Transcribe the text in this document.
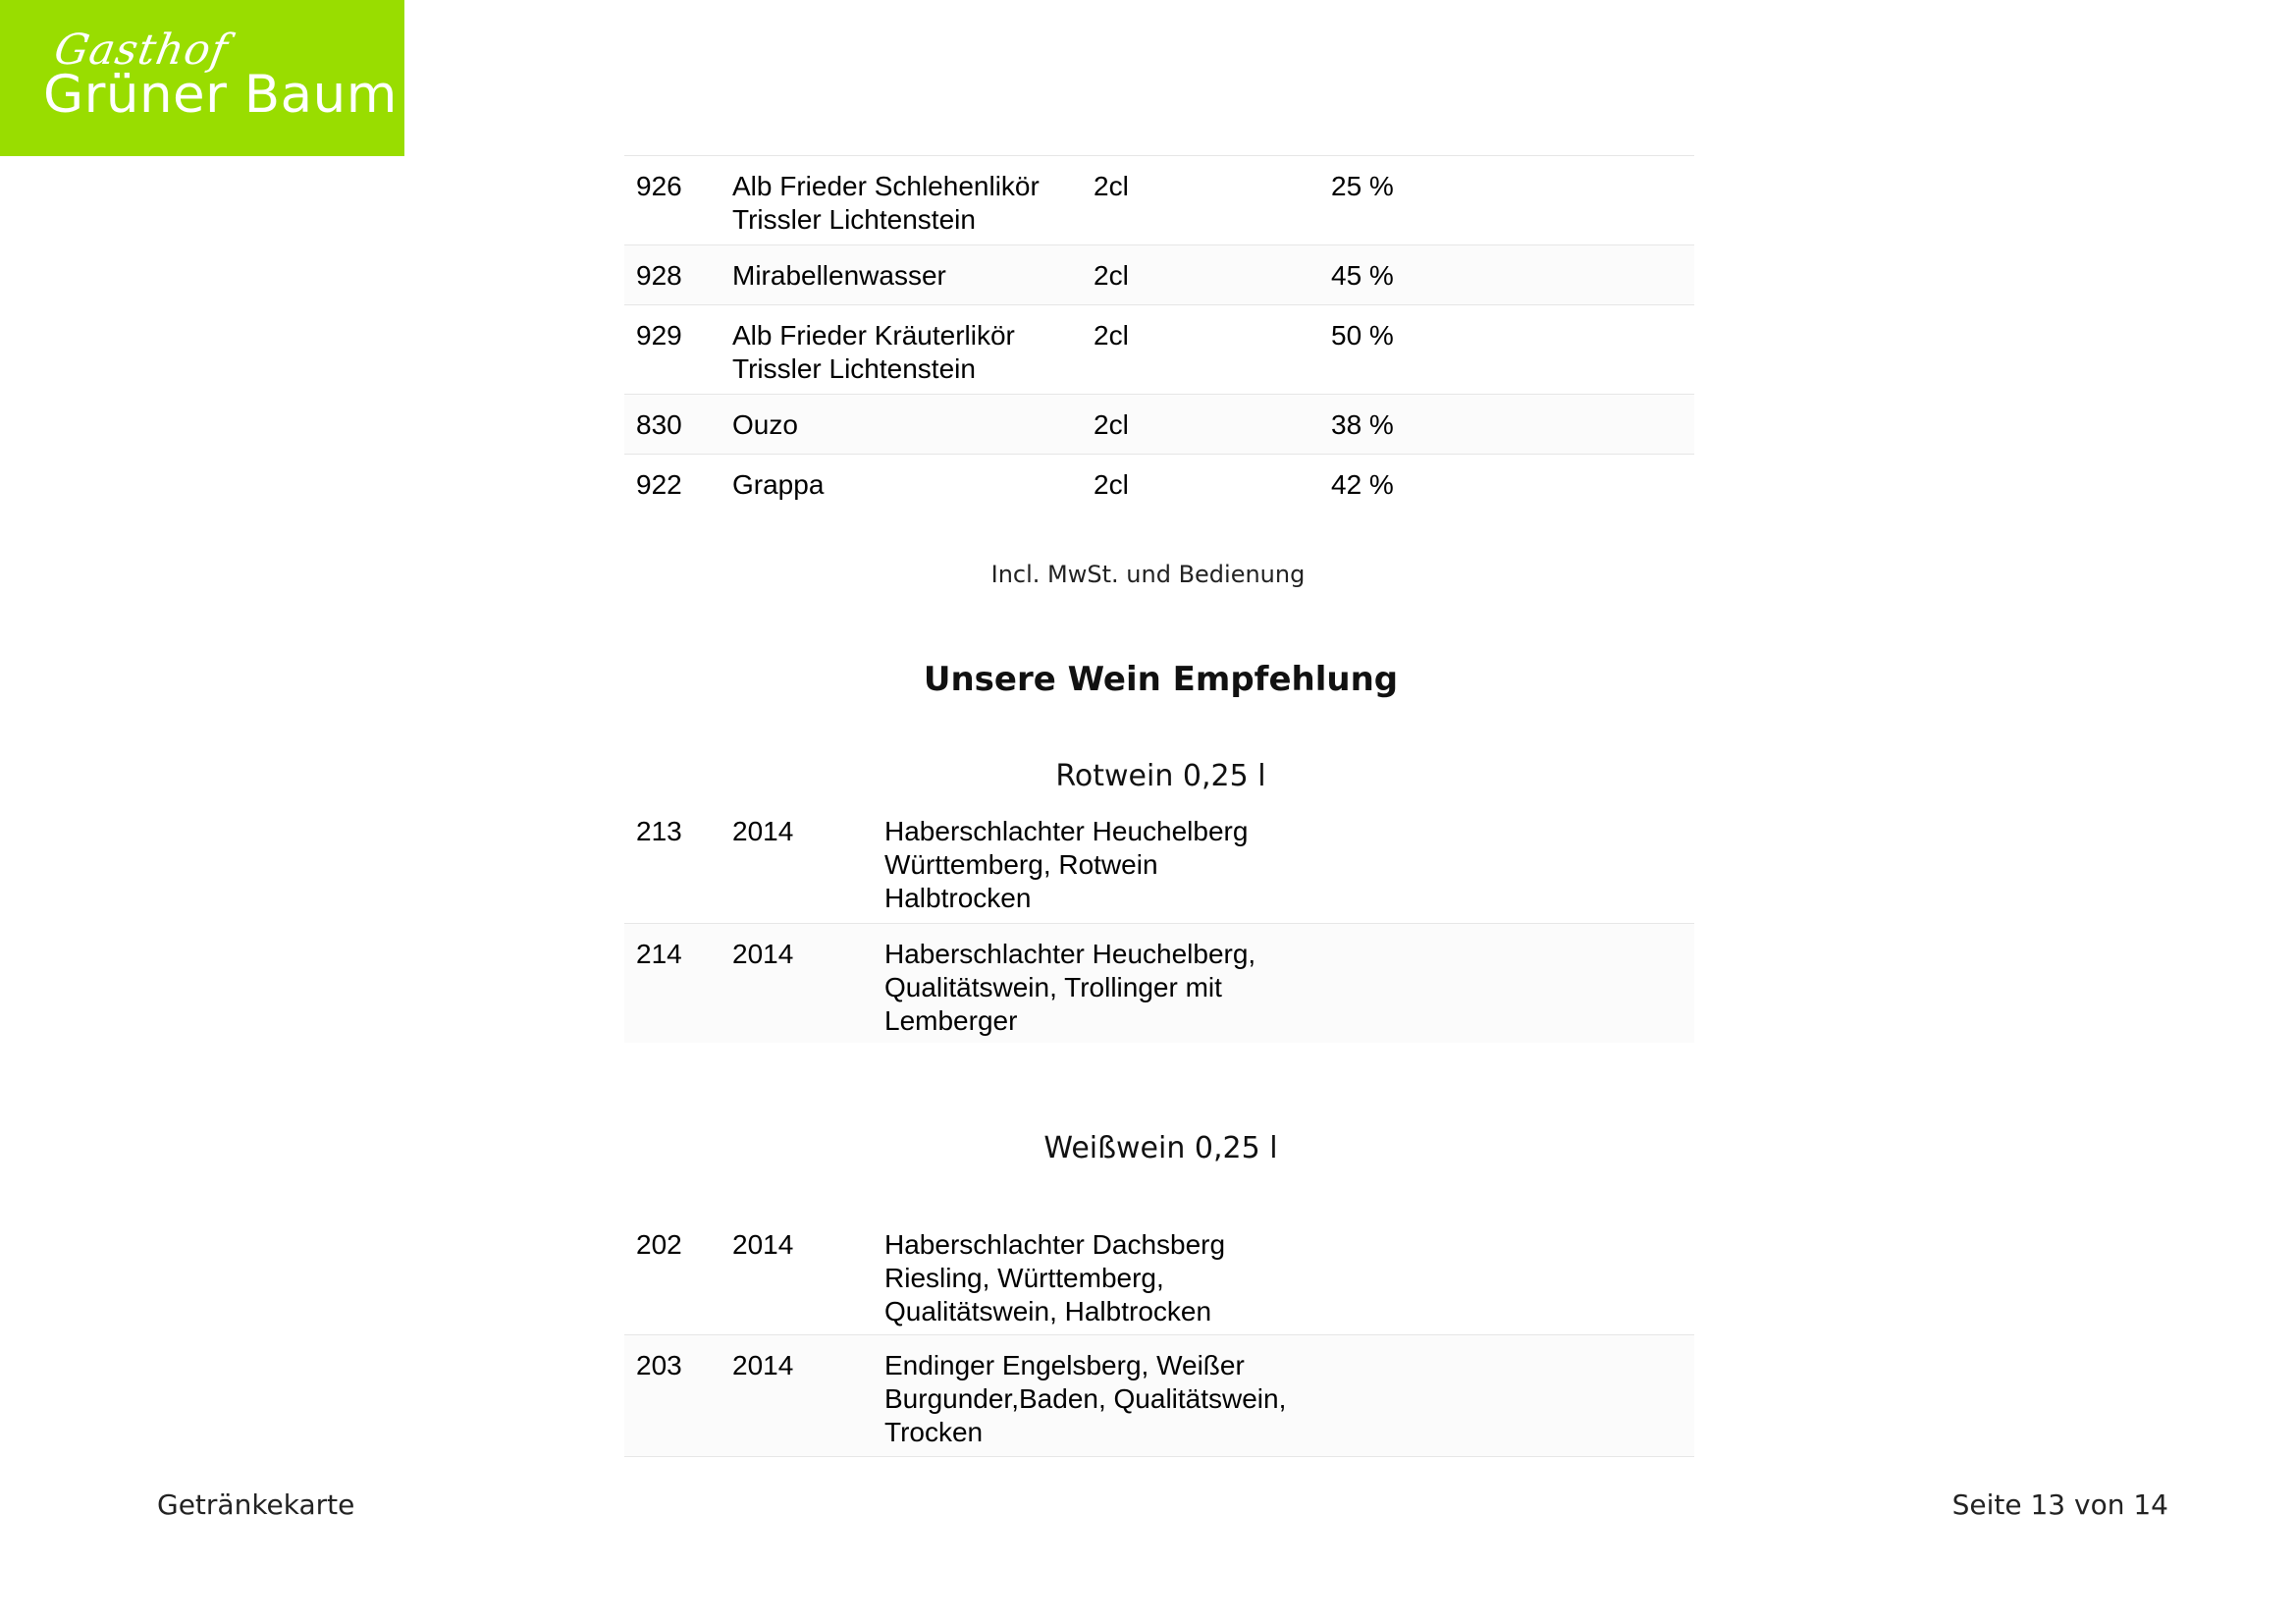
Gasthof
Grüner Baum
926 Alb Frieder Schlehenlikör
Trissler Lichtenstein
2cl	25 %
928 Mirabellenwasser	2cl	45 %
929 Alb Frieder Kräuterlikör
Trissler Lichtenstein
2cl	50 %
830 Ouzo	2cl	38 %
922 Grappa	2cl	42 %
Incl. MwSt. und Bedienung
Unsere Wein Empfehlung
Rotwein 0,25 l
213 2014	Haberschlachter Heuchelberg
Württemberg, Rotwein
Halbtrocken
214 2014	Haberschlachter Heuchelberg,
Qualitätswein, Trollinger mit
Lemberger
Weißwein 0,25 l
202 2014	Haberschlachter Dachsberg
Riesling, Württemberg,
Qualitätswein, Halbtrocken
203 2014	Endinger Engelsberg, Weißer
Burgunder,Baden, Qualitätswein,
Trocken
Getränkekarte	Seite 13 von 14
